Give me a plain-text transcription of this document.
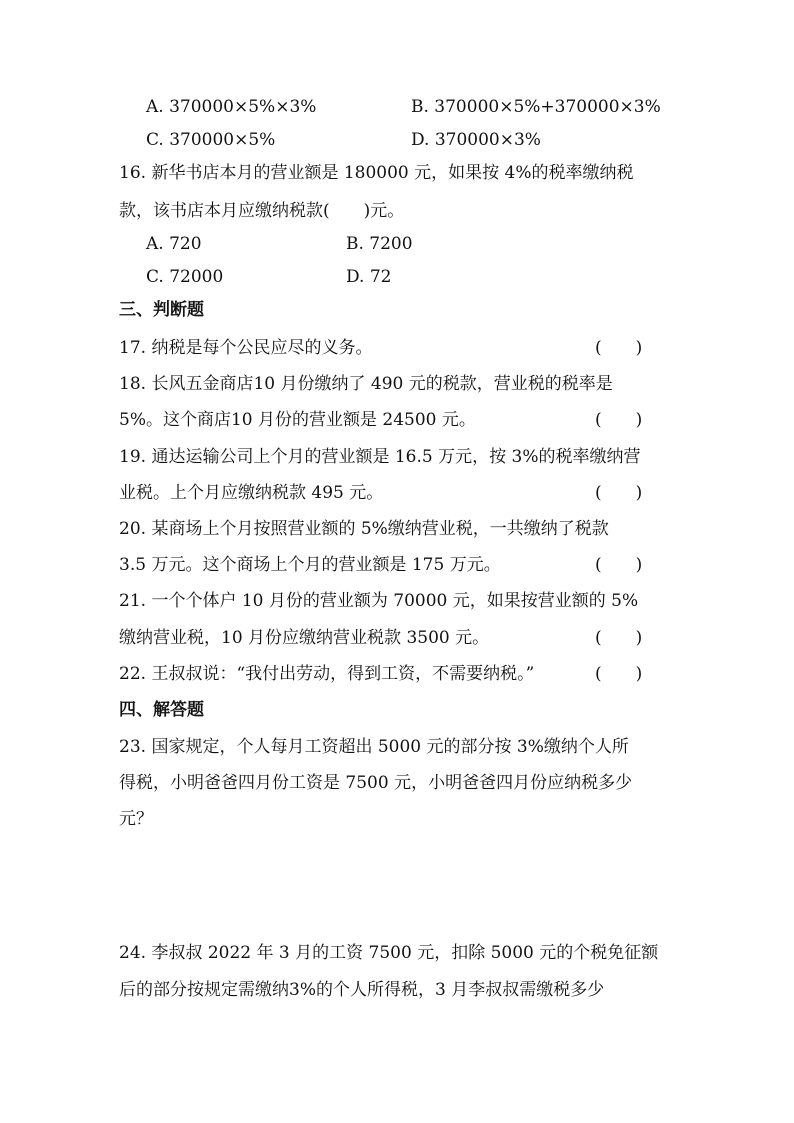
A. 370000×5%×3%	B. 370000×5%+370000×3%
C. 370000×5%	D. 370000×3%
16. 新华书店本月的营业额是 180000 元，如果按 4%的税率缴纳税
款，该书店本月应缴纳税款(　　)元。
A. 720	B. 7200
C. 72000	D. 72
三、判断题
17. 纳税是每个公民应尽的义务。	(　　)
18. 长风五金商店10 月份缴纳了 490 元的税款，营业税的税率是
5%。这个商店10 月份的营业额是 24500 元。	(　　)
19. 通达运输公司上个月的营业额是 16.5 万元，按 3%的税率缴纳营
业税。上个月应缴纳税款 495 元。	(　　)
20. 某商场上个月按照营业额的 5%缴纳营业税，一共缴纳了税款
3.5 万元。这个商场上个月的营业额是 175 万元。	(　　)
21. 一个个体户 10 月份的营业额为 70000 元，如果按营业额的 5%
缴纳营业税，10 月份应缴纳营业税款 3500 元。	(　　)
22. 王叔叔说：“我付出劳动，得到工资，不需要纳税。”	(　　)
四、解答题
23. 国家规定，个人每月工资超出 5000 元的部分按 3%缴纳个人所
得税，小明爸爸四月份工资是 7500 元，小明爸爸四月份应纳税多少
元？
24. 李叔叔 2022 年 3 月的工资 7500 元，扣除 5000 元的个税免征额
后的部分按规定需缴纳3%的个人所得税，3 月李叔叔需缴税多少
